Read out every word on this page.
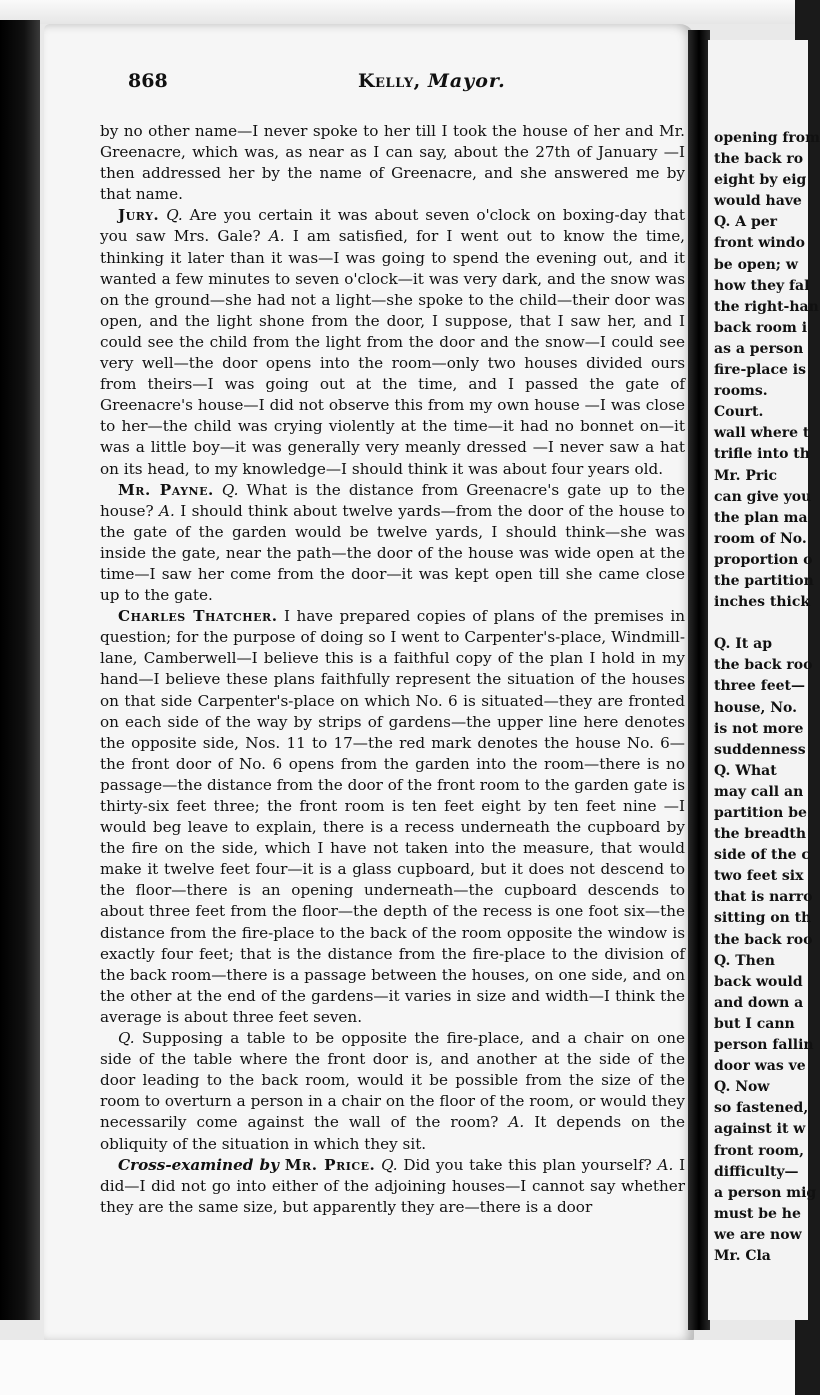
868	Kelly, Mayor.

by no other name—I never spoke to her till I took the house of her and Mr. Greenacre, which was, as near as I can say, about the 27th of January —I then addressed her by the name of Greenacre, and she answered me by that name.

Jury. Q. Are you certain it was about seven o'clock on boxing-day that you saw Mrs. Gale? A. I am satisfied, for I went out to know the time, thinking it later than it was—I was going to spend the evening out, and it wanted a few minutes to seven o'clock—it was very dark, and the snow was on the ground—she had not a light—she spoke to the child—their door was open, and the light shone from the door, I suppose, that I saw her, and I could see the child from the light from the door and the snow—I could see very well—the door opens into the room—only two houses divided ours from theirs—I was going out at the time, and I passed the gate of Greenacre's house—I did not observe this from my own house —I was close to her—the child was crying violently at the time—it had no bonnet on—it was a little boy—it was generally very meanly dressed —I never saw a hat on its head, to my knowledge—I should think it was about four years old.

Mr. Payne. Q. What is the distance from Greenacre's gate up to the house? A. I should think about twelve yards—from the door of the house to the gate of the garden would be twelve yards, I should think—she was inside the gate, near the path—the door of the house was wide open at the time—I saw her come from the door—it was kept open till she came close up to the gate.

Charles Thatcher. I have prepared copies of plans of the premises in question; for the purpose of doing so I went to Carpenter's-place, Windmill-lane, Camberwell—I believe this is a faithful copy of the plan I hold in my hand—I believe these plans faithfully represent the situation of the houses on that side Carpenter's-place on which No. 6 is situated—they are fronted on each side of the way by strips of gardens—the upper line here denotes the opposite side, Nos. 11 to 17—the red mark denotes the house No. 6—the front door of No. 6 opens from the garden into the room—there is no passage—the distance from the door of the front room to the garden gate is thirty-six feet three; the front room is ten feet eight by ten feet nine —I would beg leave to explain, there is a recess underneath the cupboard by the fire on the side, which I have not taken into the measure, that would make it twelve feet four—it is a glass cupboard, but it does not descend to the floor—there is an opening underneath—the cupboard descends to about three feet from the floor—the depth of the recess is one foot six—the distance from the fire-place to the back of the room opposite the window is exactly four feet; that is the distance from the fire-place to the division of the back room—there is a passage between the houses, on one side, and on the other at the end of the gardens—it varies in size and width—I think the average is about three feet seven.

Q. Supposing a table to be opposite the fire-place, and a chair on one side of the table where the front door is, and another at the side of the door leading to the back room, would it be possible from the size of the room to overturn a person in a chair on the floor of the room, or would they necessarily come against the wall of the room? A. It depends on the obliquity of the situation in which they sit.

Cross-examined by Mr. Price. Q. Did you take this plan yourself? A. I did—I did not go into either of the adjoining houses—I cannot say whether they are the same size, but apparently they are—there is a door

opening from
the back ro
eight by eig
would have
Q. A per
front windo
be open; w
how they fal
the right-han
back room i
as a person
fire-place is
rooms.
Court.
wall where t
trifle into th
Mr. Pric
can give you
the plan ma
room of No.
proportion o
the partition
inches thick

Q. It ap
the back roo
three feet—
house, No.
is not more
suddenness
Q. What
may call an
partition be
the breadth
side of the c
two feet six
that is narro
sitting on th
the back roo
Q. Then
back would
and down a
but I cann
person fallin
door was ve
Q. Now
so fastened,
against it w
front room,
difficulty—
a person mig
must be he
we are now
Mr. Cla
